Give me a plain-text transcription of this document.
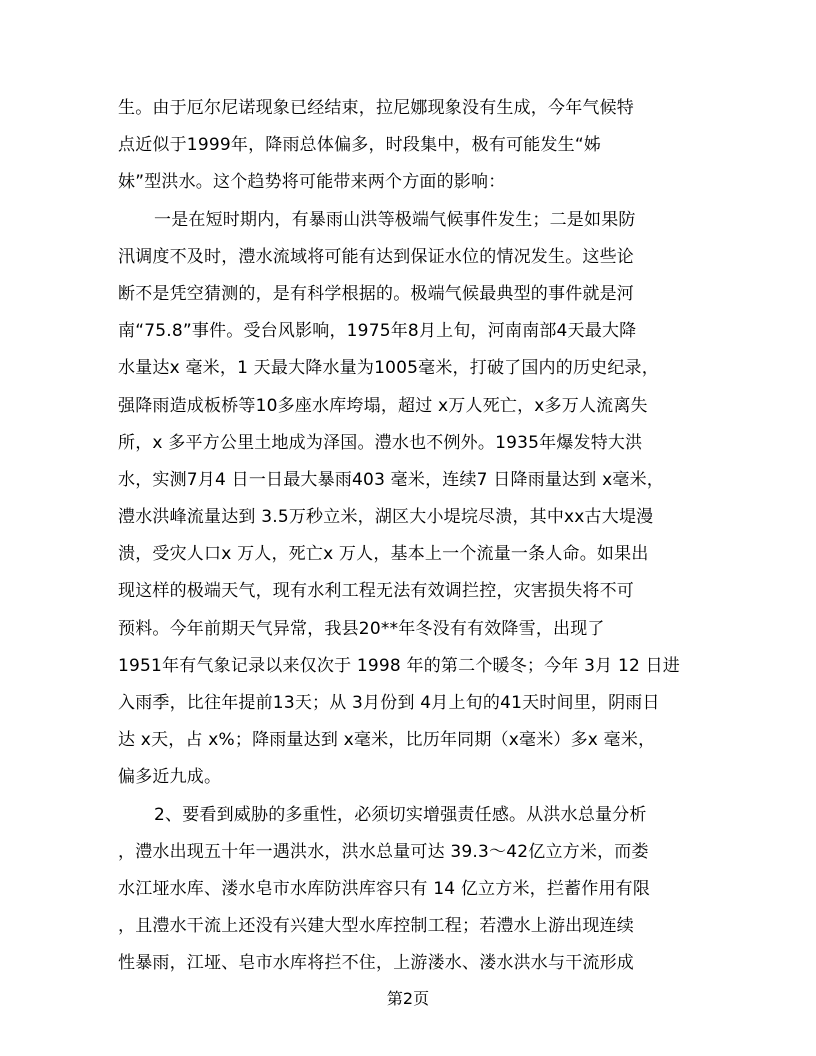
生。由于厄尔尼诺现象已经结束，拉尼娜现象没有生成，今年气候特
点近似于1999年，降雨总体偏多，时段集中，极有可能发生“姊
妹”型洪水。这个趋势将可能带来两个方面的影响：
一是在短时期内，有暴雨山洪等极端气候事件发生；二是如果防
汛调度不及时，澧水流域将可能有达到保证水位的情况发生。这些论
断不是凭空猜测的，是有科学根据的。极端气候最典型的事件就是河
南“75.8”事件。受台风影响，1975年8月上旬，河南南部4天最大降
水量达x 毫米，1 天最大降水量为1005毫米，打破了国内的历史纪录，
强降雨造成板桥等10多座水库垮塌，超过 x万人死亡，x多万人流离失
所，x 多平方公里土地成为泽国。澧水也不例外。1935年爆发特大洪
水，实测7月4 日一日最大暴雨403 毫米，连续7 日降雨量达到 x毫米，
澧水洪峰流量达到 3.5万秒立米，湖区大小堤垸尽溃，其中xx古大堤漫
溃，受灾人口x 万人，死亡x 万人，基本上一个流量一条人命。如果出
现这样的极端天气，现有水利工程无法有效调拦控，灾害损失将不可
预料。今年前期天气异常，我县20**年冬没有有效降雪，出现了
1951年有气象记录以来仅次于 1998 年的第二个暖冬；今年 3月 12 日进
入雨季，比往年提前13天；从 3月份到 4月上旬的41天时间里，阴雨日
达 x天，占 x%；降雨量达到 x毫米，比历年同期（x毫米）多x 毫米，
偏多近九成。
2、要看到威胁的多重性，必须切实增强责任感。从洪水总量分析
，澧水出现五十年一遇洪水，洪水总量可达 39.3～42亿立方米，而娄
水江垭水库、溇水皂市水库防洪库容只有 14 亿立方米，拦蓄作用有限
，且澧水干流上还没有兴建大型水库控制工程；若澧水上游出现连续
性暴雨，江垭、皂市水库将拦不住，上游溇水、溇水洪水与干流形成
第2页
